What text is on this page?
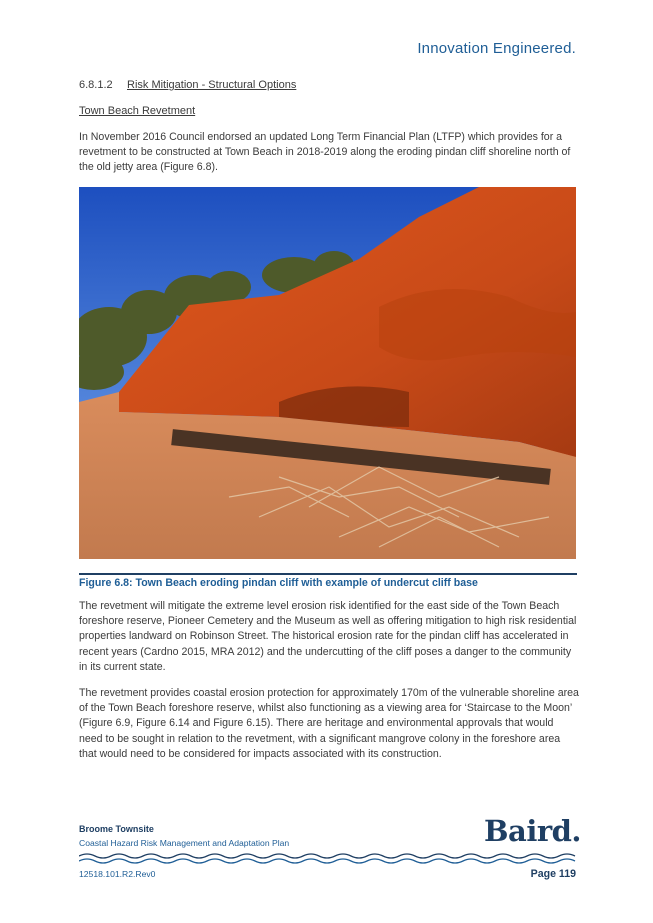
Innovation Engineered.
6.8.1.2 Risk Mitigation - Structural Options
Town Beach Revetment

In November 2016 Council endorsed an updated Long Term Financial Plan (LTFP) which provides for a revetment to be constructed at Town Beach in 2018-2019 along the eroding pindan cliff shoreline north of the old jetty area (Figure 6.8).

Figure 6.8: Town Beach eroding pindan cliff with example of undercut cliff base

The revetment will mitigate the extreme level erosion risk identified for the east side of the Town Beach foreshore reserve, Pioneer Cemetery and the Museum as well as offering mitigation to high risk residential properties landward on Robinson Street. The historical erosion rate for the pindan cliff has accelerated in recent years (Cardno 2015, MRA 2012) and the undercutting of the cliff poses a danger to the community in its current state.

The revetment provides coastal erosion protection for approximately 170m of the vulnerable shoreline area of the Town Beach foreshore reserve, whilst also functioning as a viewing area for ‘Staircase to the Moon’ (Figure 6.9, Figure 6.14 and Figure 6.15). There are heritage and environmental approvals that would need to be sought in relation to the revetment, with a significant mangrove colony in the foreshore area that would need to be considered for impacts associated with its construction.

Broome Townsite
Coastal Hazard Risk Management and Adaptation Plan	Baird.
12518.101.R2.Rev0	Page 119
